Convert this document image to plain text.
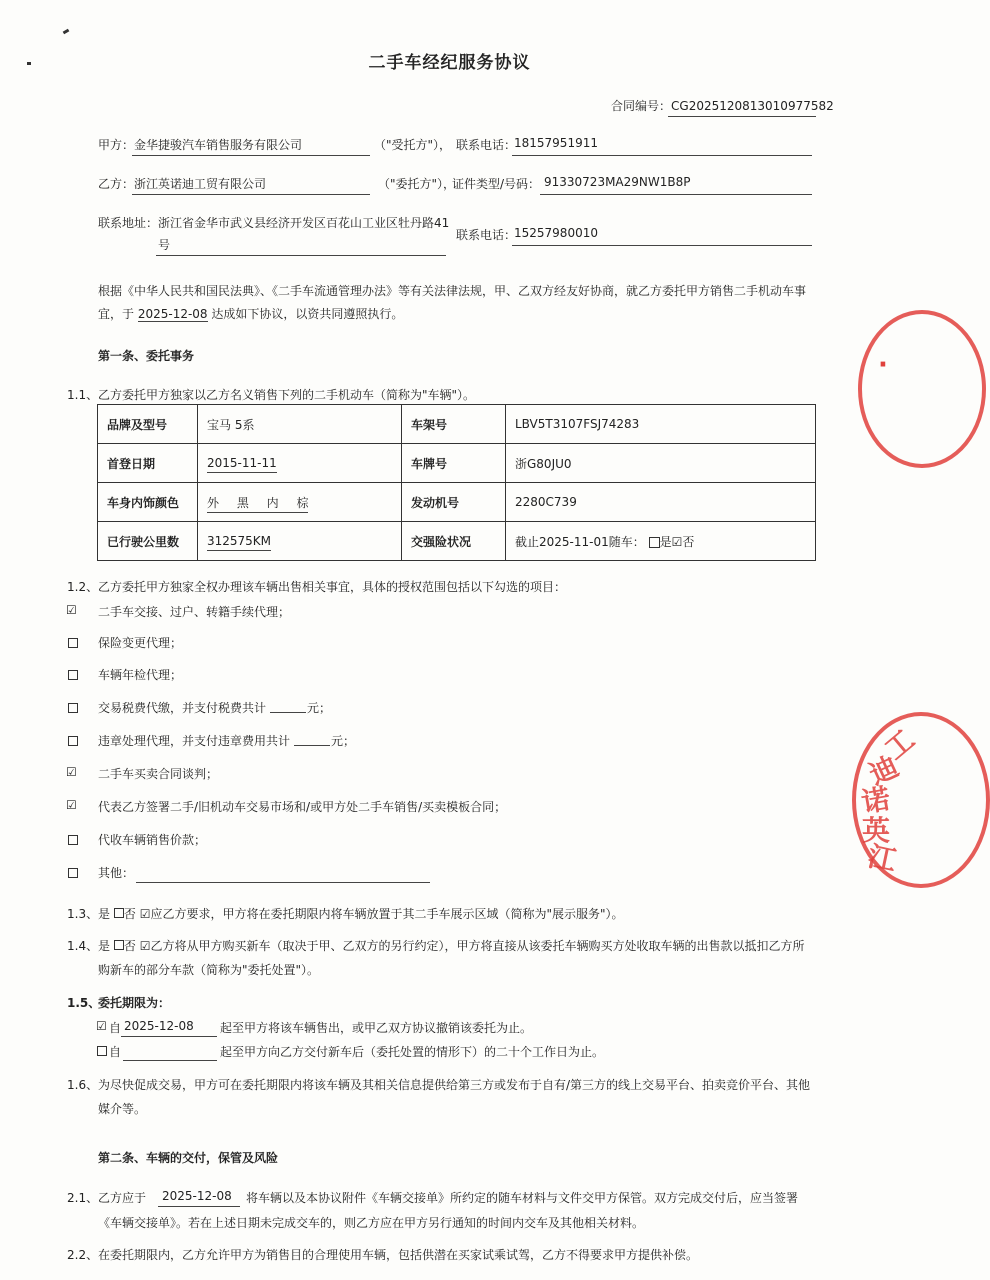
二手车经纪服务协议
合同编号：CG2025120813010977582
甲方： 金华捷骏汽车销售服务有限公司	（"受托方"）， 联系电话：
18157951911
乙方： 浙江英诺迪工贸有限公司	（"委托方"），
证件类型/号码： 91330723MA29NW1B8P
联系地址： 浙江省金华市武义县经济开发区百花山工业区牡丹路41
号
联系电话：
15257980010
根据《中华人民共和国民法典》、《二手车流通管理办法》等有关法律法规，甲、乙双方经友好协商，就乙方委托甲方销售二手机动车事
宜，于 2025-12-08 达成如下协议，以资共同遵照执行。
第一条、委托事务
1.1、 乙方委托甲方独家以乙方名义销售下列的二手机动车（简称为"车辆"）。
品牌及型号	宝马 5系	车架号	LBV5T3107FSJ74283
首登日期	2015-11-11	车牌号	浙G80JU0
车身内饰颜色	外 黑 内 棕	发动机号	2280C739
已行驶公里数	312575KM	交强险状况	截止2025-11-01随车： 是☑否
1.2、 乙方委托甲方独家全权办理该车辆出售相关事宜，具体的授权范围包括以下勾选的项目：
☑ 二手车交接、过户、转籍手续代理；
保险变更代理；
车辆年检代理；
交易税费代缴，并支付税费共计	元；
违章处理代理，并支付违章费用共计	元；
☑ 二手车买卖合同谈判；
☑ 代表乙方签署二手/旧机动车交易市场和/或甲方处二手车销售/买卖模板合同；
代收车辆销售价款；
其他：
1.3、 是 否 ☑应乙方要求，甲方将在委托期限内将车辆放置于其二手车展示区域（简称为"展示服务"）。
1.4、 是 否 ☑乙方将从甲方购买新车（取决于甲、乙双方的另行约定），甲方将直接从该委托车辆购买方处收取车辆的出售款以抵扣乙方所
购新车的部分车款（简称为"委托处置"）。
1.5、
委托期限为：
☑ 自 2025-12-08 起至甲方将该车辆售出，或甲乙双方协议撤销该委托为止。
自	起至甲方向乙方交付新车后（委托处置的情形下）的二十个工作日为止。
1.6、 为尽快促成交易，甲方可在委托期限内将该车辆及其相关信息提供给第三方或发布于自有/第三方的线上交易平台、拍卖竞价平台、其他
媒介等。
第二条、车辆的交付，保管及风险
2.1、 乙方应于 2025-12-08 将车辆以及本协议附件《车辆交接单》所约定的随车材料与文件交甲方保管。双方完成交付后，应当签署
《车辆交接单》。若在上述日期未完成交车的，则乙方应在甲方另行通知的时间内交车及其他相关材料。
2.2、 在委托期限内，乙方允许甲方为销售目的合理使用车辆，包括供潜在买家试乘试驾，乙方不得要求甲方提供补偿。
·
工
迪
诺
英
江
